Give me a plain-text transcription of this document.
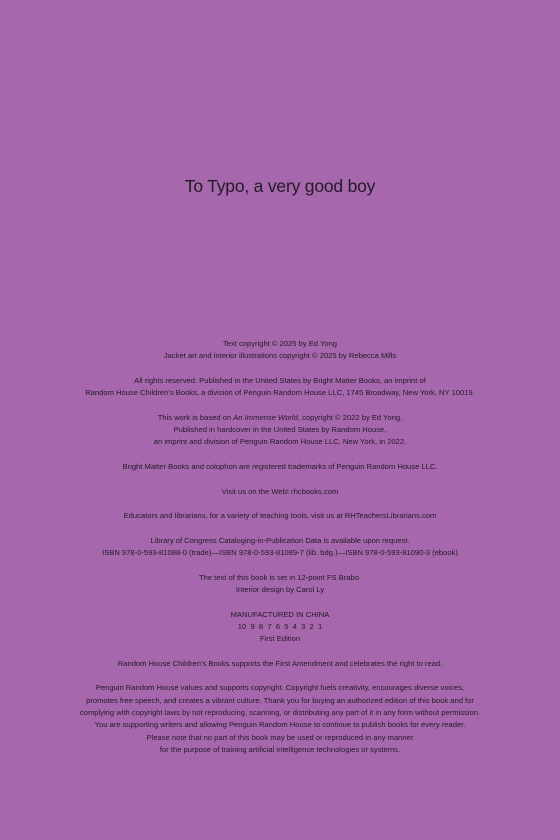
To Typo, a very good boy
Text copyright © 2025 by Ed Yong
Jacket art and interior illustrations copyright © 2025 by Rebecca Mills
All rights reserved. Published in the United States by Bright Matter Books, an imprint of
Random House Children’s Books, a division of Penguin Random House LLC, 1745 Broadway, New York, NY 10019.
This work is based on An Immense World, copyright © 2022 by Ed Yong.
Published in hardcover in the United States by Random House,
an imprint and division of Penguin Random House LLC, New York, in 2022.
Bright Matter Books and colophon are registered trademarks of Penguin Random House LLC.
Visit us on the Web! rhcbooks.com
Educators and librarians, for a variety of teaching tools, visit us at RHTeachersLibrarians.com
Library of Congress Cataloging-in-Publication Data is available upon request.
ISBN 978-0-593-81088-0 (trade)—ISBN 978-0-593-81089-7 (lib. bdg.)—ISBN 978-0-593-81090-3 (ebook)
The text of this book is set in 12-point FS Brabo.
Interior design by Carol Ly
MANUFACTURED IN CHINA
10  9  8  7  6  5  4  3  2  1
First Edition
Random House Children’s Books supports the First Amendment and celebrates the right to read.
Penguin Random House values and supports copyright. Copyright fuels creativity, encourages diverse voices,
promotes free speech, and creates a vibrant culture. Thank you for buying an authorized edition of this book and for
complying with copyright laws by not reproducing, scanning, or distributing any part of it in any form without permission.
You are supporting writers and allowing Penguin Random House to continue to publish books for every reader.
Please note that no part of this book may be used or reproduced in any manner
for the purpose of training artificial intelligence technologies or systems.
